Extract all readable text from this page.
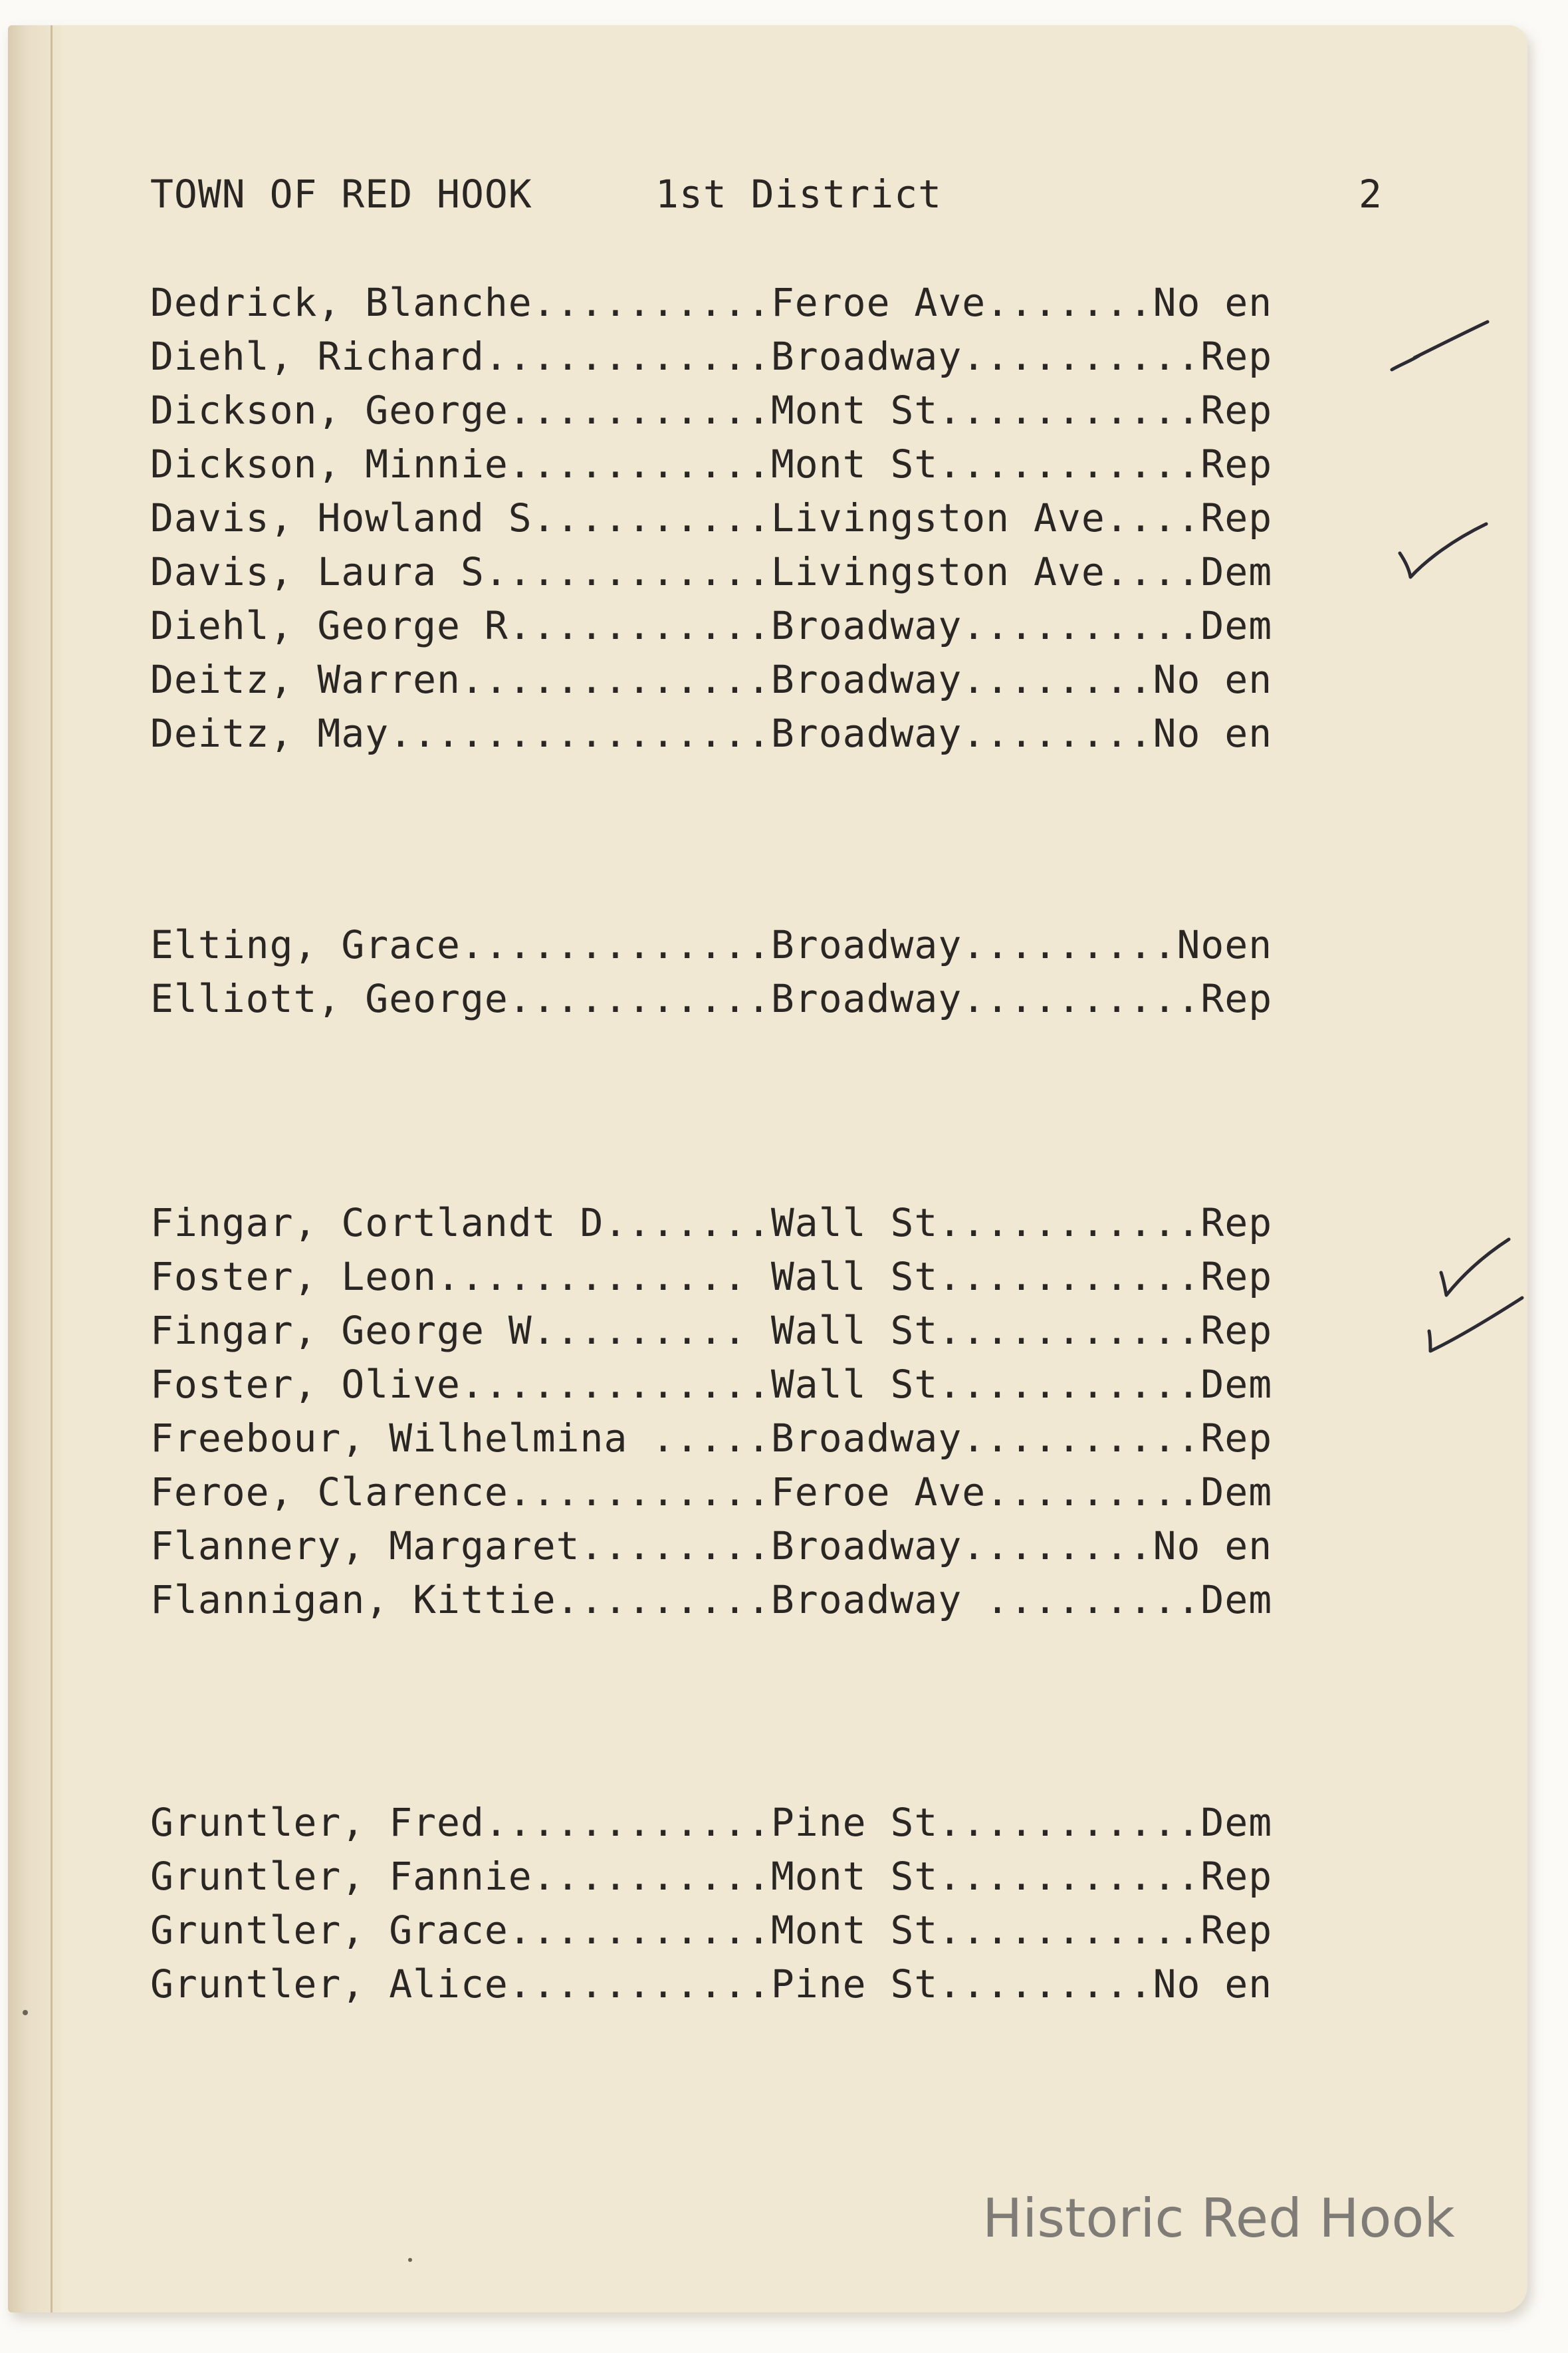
TOWN OF RED HOOK

	1st District

	2

Dedrick, Blanche..........Feroe Ave.......No en
Diehl, Richard............Broadway..........Rep
Dickson, George...........Mont St...........Rep
Dickson, Minnie...........Mont St...........Rep
Davis, Howland S..........Livingston Ave....Rep
Davis, Laura S............Livingston Ave....Dem
Diehl, George R...........Broadway..........Dem
Deitz, Warren.............Broadway........No en
Deitz, May................Broadway........No en
Elting, Grace.............Broadway.........Noen
Elliott, George...........Broadway..........Rep
Fingar, Cortlandt D.......Wall St...........Rep
Foster, Leon............. Wall St...........Rep
Fingar, George W......... Wall St...........Rep
Foster, Olive.............Wall St...........Dem
Freebour, Wilhelmina .....Broadway..........Rep
Feroe, Clarence...........Feroe Ave.........Dem
Flannery, Margaret........Broadway........No en
Flannigan, Kittie.........Broadway .........Dem
Gruntler, Fred............Pine St...........Dem
Gruntler, Fannie..........Mont St...........Rep
Gruntler, Grace...........Mont St...........Rep
Gruntler, Alice...........Pine St.........No en
Historic Red Hook
